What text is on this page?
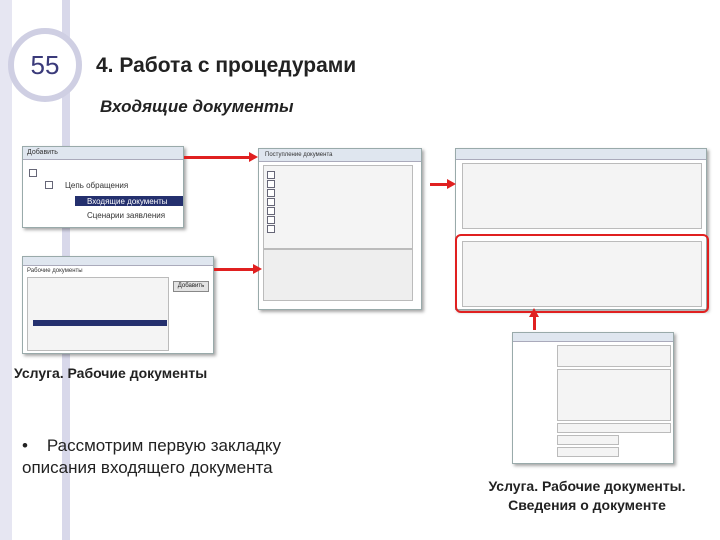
55	4. Работа с процедурами
Входящие документы
Добавить
Цепь обращения
Входящие документы
Сценарии заявления
Поступление документа
Рабочие документы
Добавить
Услуга. Рабочие документы
•    Рассмотрим первую закладку описания входящего документа
Услуга. Рабочие документы.
Сведения о документе
